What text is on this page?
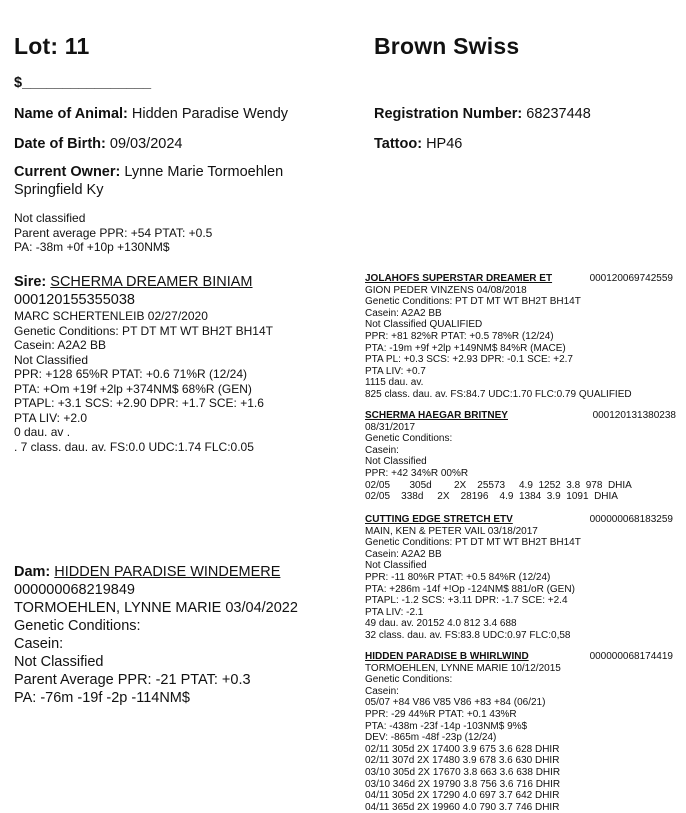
Lot: 11	Brown Swiss
$________________
Name of Animal: Hidden Paradise Wendy	Registration Number: 68237448
Date of Birth: 09/03/2024	Tattoo: HP46
Current Owner: Lynne Marie Tormoehlen
Springfield Ky
Not classified
Parent average PPR: +54 PTAT: +0.5
PA: -38m +0f +10p +130NM$
Sire: SCHERMA DREAMER BINIAM
000120155355038
MARC SCHERTENLEIB 02/27/2020
Genetic Conditions: PT DT MT WT BH2T BH14T
Casein: A2A2 BB
Not Classified
PPR: +128 65%R PTAT: +0.6 71%R (12/24)
PTA: +Om +19f +2lp +374NM$ 68%R (GEN)
PTAPL: +3.1 SCS: +2.90 DPR: +1.7 SCE: +1.6
PTA LIV: +2.0
0 dau. av .
. 7 class. dau. av. FS:0.0 UDC:1.74 FLC:0.05
Dam: HIDDEN PARADISE WINDEMERE
000000068219849
TORMOEHLEN, LYNNE MARIE 03/04/2022
Genetic Conditions:
Casein:
Not Classified
Parent Average PPR: -21 PTAT: +0.3
PA: -76m -19f -2p -114NM$
JOLAHOFS SUPERSTAR DREAMER ET	000120069742559
GION PEDER VINZENS 04/08/2018
Genetic Conditions: PT DT MT WT BH2T BH14T
Casein: A2A2 BB
Not Classified QUALIFIED
PPR: +81 82%R PTAT: +0.5 78%R (12/24)
PTA: -19m +9f +2lp +149NM$ 84%R (MACE)
PTA PL: +0.3 SCS: +2.93 DPR: -0.1 SCE: +2.7
PTA LIV: +0.7
1115 dau. av.
825 class. dau. av. FS:84.7 UDC:1.70 FLC:0.79 QUALIFIED
SCHERMA HAEGAR BRITNEY	000120131380238
08/31/2017
Genetic Conditions:
Casein:
Not Classified
PPR: +42 34%R 00%R
02/05       305d        2X    25573     4.9  1252  3.8  978  DHIA
02/05    338d     2X    28196    4.9  1384  3.9  1091  DHIA
CUTTING EDGE STRETCH ETV	000000068183259
MAIN, KEN & PETER VAIL 03/18/2017
Genetic Conditions: PT DT MT WT BH2T BH14T
Casein: A2A2 BB
Not Classified
PPR: -11 80%R PTAT: +0.5 84%R (12/24)
PTA: +286m -14f +!Op -124NM$ 881/oR (GEN)
PTAPL: -1.2 SCS: +3.11 DPR: -1.7 SCE: +2.4
PTA LIV: -2.1
49 dau. av. 20152 4.0 812 3.4 688
32 class. dau. av. FS:83.8 UDC:0.97 FLC:0,58
HIDDEN PARADISE B WHIRLWIND	000000068174419
TORMOEHLEN, LYNNE MARIE 10/12/2015
Genetic Conditions:
Casein:
05/07 +84 V86 V85 V86 +83 +84 (06/21)
PPR: -29 44%R PTAT: +0.1 43%R
PTA: -438m -23f -14p -103NM$ 9%$
DEV: -865m -48f -23p (12/24)
02/11 305d 2X 17400 3.9 675 3.6 628 DHIR
02/11 307d 2X 17480 3.9 678 3.6 630 DHIR
03/10 305d 2X 17670 3.8 663 3.6 638 DHIR
03/10 346d 2X 19790 3.8 756 3.6 716 DHIR
04/11 305d 2X 17290 4.0 697 3.7 642 DHIR
04/11 365d 2X 19960 4.0 790 3.7 746 DHIR
